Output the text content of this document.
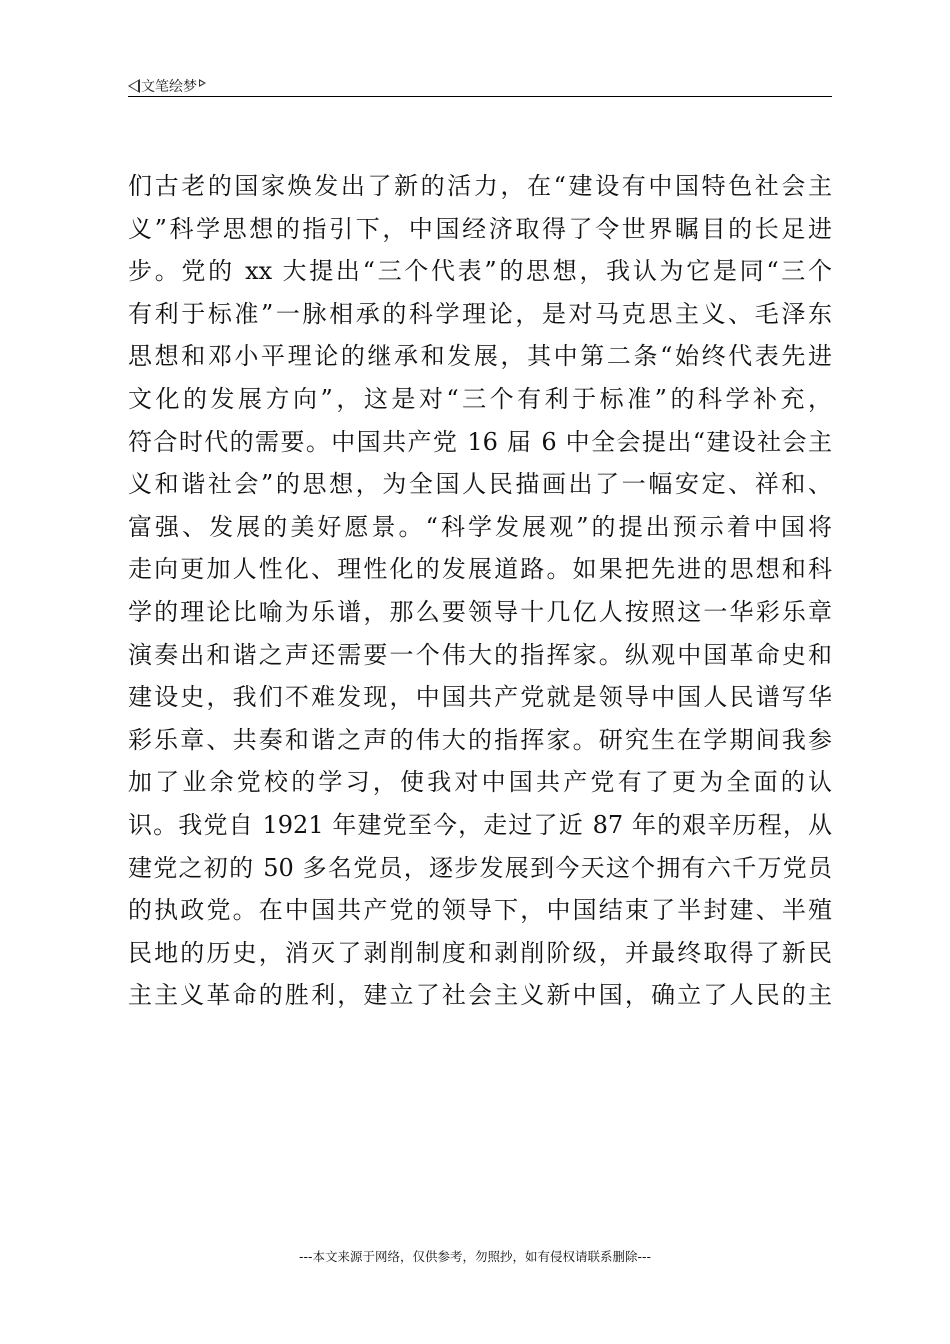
文笔绘梦
们古老的国家焕发出了新的活力，在“建设有中国特色社会主
义”科学思想的指引下，中国经济取得了令世界瞩目的长足进
步。党的 xx 大提出“三个代表”的思想，我认为它是同“三个
有利于标准”一脉相承的科学理论，是对马克思主义、毛泽东
思想和邓小平理论的继承和发展，其中第二条“始终代表先进
文化的发展方向”，这是对“三个有利于标准”的科学补充，
符合时代的需要。中国共产党 16 届 6 中全会提出“建设社会主
义和谐社会”的思想，为全国人民描画出了一幅安定、祥和、
富强、发展的美好愿景。“科学发展观”的提出预示着中国将
走向更加人性化、理性化的发展道路。如果把先进的思想和科
学的理论比喻为乐谱，那么要领导十几亿人按照这一华彩乐章
演奏出和谐之声还需要一个伟大的指挥家。纵观中国革命史和
建设史，我们不难发现，中国共产党就是领导中国人民谱写华
彩乐章、共奏和谐之声的伟大的指挥家。研究生在学期间我参
加了业余党校的学习，使我对中国共产党有了更为全面的认
识。我党自 1921 年建党至今，走过了近 87 年的艰辛历程，从
建党之初的 50 多名党员，逐步发展到今天这个拥有六千万党员
的执政党。在中国共产党的领导下，中国结束了半封建、半殖
民地的历史，消灭了剥削制度和剥削阶级，并最终取得了新民
主主义革命的胜利，建立了社会主义新中国，确立了人民的主
---本文来源于网络，仅供参考，勿照抄，如有侵权请联系删除---
